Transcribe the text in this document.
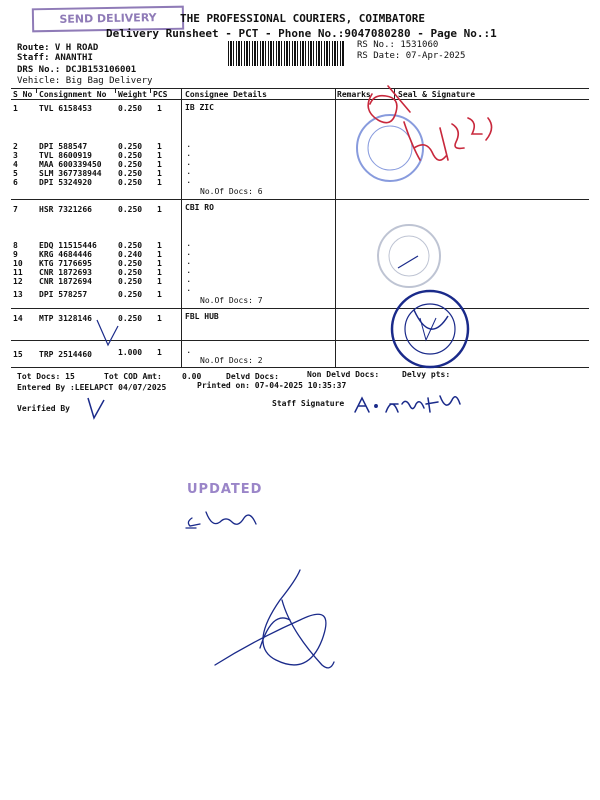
SEND DELIVERY	THE PROFESSIONAL COURIERS, COIMBATORE
Delivery Runsheet - PCT - Phone No.:9047080280 - Page No.:1
Route: V H ROAD
Staff: ANANTHI
DRS No.: DCJB153106001
Vehicle: Big Bag Delivery
RS No.: 1531060
RS Date: 07-Apr-2025
S No Consignment No Weight PCS Consignee Details	Remarks	Seal & Signature
IB ZIC
No.Of Docs: 6
1	TVL 6158453	0.250 1
2	DPI 588547	0.250 1	.
3	TVL 8600919	0.250 1	.
4	MAA 600339450 0.250 1	.
5	SLM 367738944 0.250 1	.
6	DPI 5324920	0.250 1	.
CBI RO
No.Of Docs: 7
7	HSR 7321266	0.250 1
8	EDQ 11515446	0.250 1	.
9	KRG 4684446	0.240 1	.
10 KTG 7176695	0.250 1	.
11 CNR 1872693	0.250 1	.
12 CNR 1872694	0.250 1	.
13 DPI 578257	0.250 1
.
FBL HUB
14 MTP 3128146	0.250 1
No.Of Docs: 2
15 TRP 2514460	1.000 1	.
Tot Docs: 15	Tot COD Amt:	0.00	Delvd Docs:	Non Delvd Docs:	Delvy pts:
Entered By :LEELAPCT 04/07/2025	Printed on: 07-04-2025 10:35:37
Verified By
Staff Signature
UPDATED
